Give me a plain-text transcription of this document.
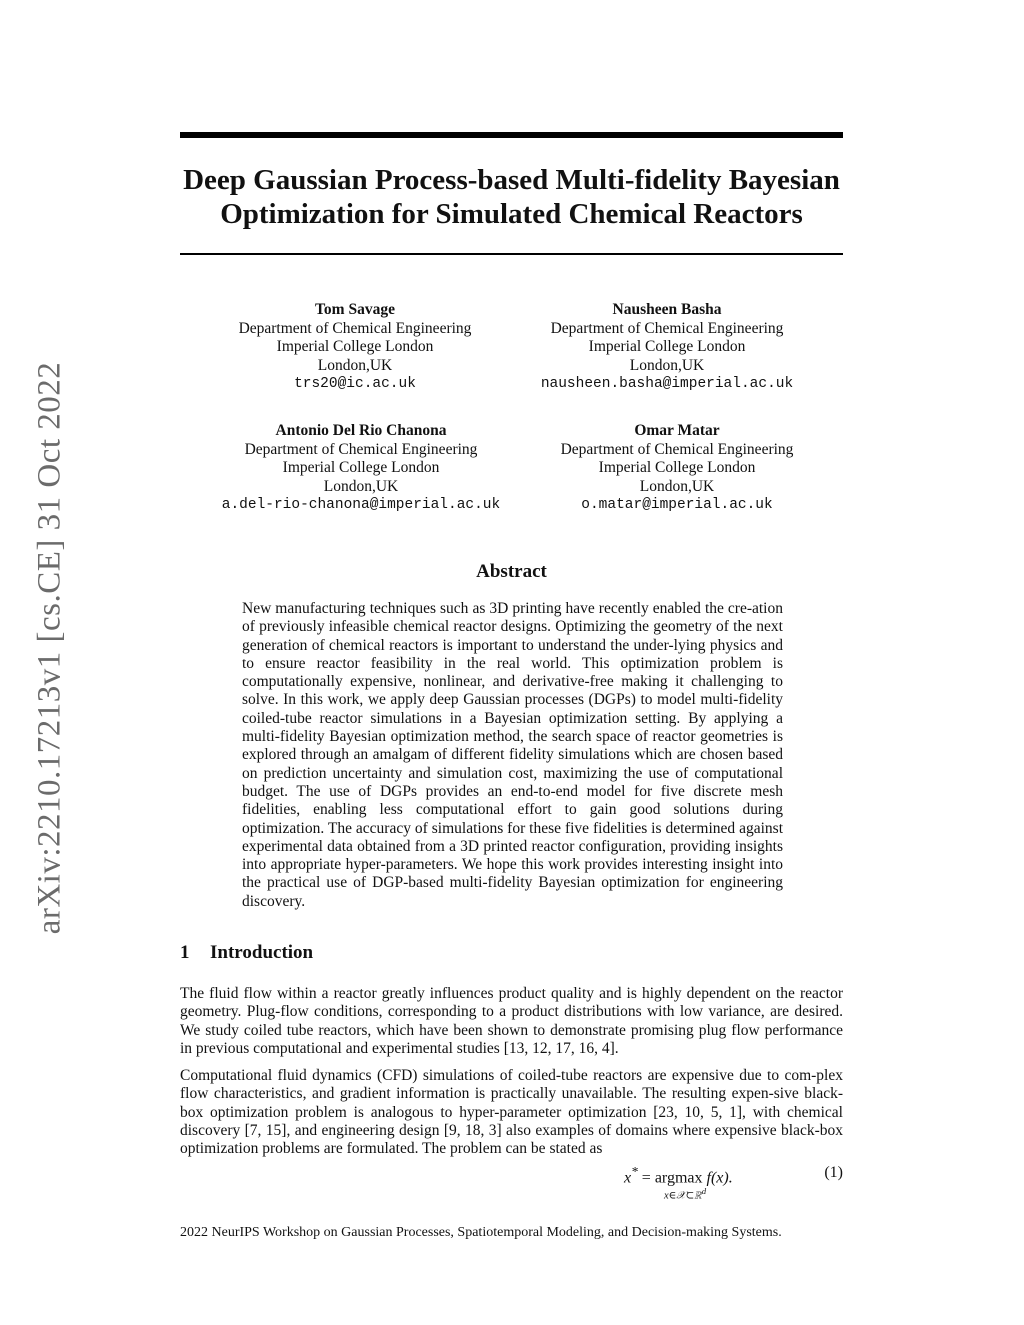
arXiv:2210.17213v1 [cs.CE] 31 Oct 2022
Deep Gaussian Process-based Multi-fidelity Bayesian Optimization for Simulated Chemical Reactors
Tom Savage
Department of Chemical Engineering
Imperial College London
London,UK
trs20@ic.ac.uk
Nausheen Basha
Department of Chemical Engineering
Imperial College London
London,UK
nausheen.basha@imperial.ac.uk
Antonio Del Rio Chanona
Department of Chemical Engineering
Imperial College London
London,UK
a.del-rio-chanona@imperial.ac.uk
Omar Matar
Department of Chemical Engineering
Imperial College London
London,UK
o.matar@imperial.ac.uk
Abstract
New manufacturing techniques such as 3D printing have recently enabled the cre-ation of previously infeasible chemical reactor designs. Optimizing the geometry of the next generation of chemical reactors is important to understand the under-lying physics and to ensure reactor feasibility in the real world. This optimization problem is computationally expensive, nonlinear, and derivative-free making it challenging to solve. In this work, we apply deep Gaussian processes (DGPs) to model multi-fidelity coiled-tube reactor simulations in a Bayesian optimization setting. By applying a multi-fidelity Bayesian optimization method, the search space of reactor geometries is explored through an amalgam of different fidelity simulations which are chosen based on prediction uncertainty and simulation cost, maximizing the use of computational budget. The use of DGPs provides an end-to-end model for five discrete mesh fidelities, enabling less computational effort to gain good solutions during optimization. The accuracy of simulations for these five fidelities is determined against experimental data obtained from a 3D printed reactor configuration, providing insights into appropriate hyper-parameters. We hope this work provides interesting insight into the practical use of DGP-based multi-fidelity Bayesian optimization for engineering discovery.
1 Introduction

The fluid flow within a reactor greatly influences product quality and is highly dependent on the reactor geometry. Plug-flow conditions, corresponding to a product distributions with low variance, are desired. We study coiled tube reactors, which have been shown to demonstrate promising plug flow performance in previous computational and experimental studies [13, 12, 17, 16, 4].

Computational fluid dynamics (CFD) simulations of coiled-tube reactors are expensive due to com-plex flow characteristics, and gradient information is practically unavailable. The resulting expen-sive black-box optimization problem is analogous to hyper-parameter optimization [23, 10, 5, 1], with chemical discovery [7, 15], and engineering design [9, 18, 3] also examples of domains where expensive black-box optimization problems are formulated. The problem can be stated as

x* = argmax f(x).
x∈𝒳⊂ℝ$^d$
(1)
2022 NeurIPS Workshop on Gaussian Processes, Spatiotemporal Modeling, and Decision-making Systems.
